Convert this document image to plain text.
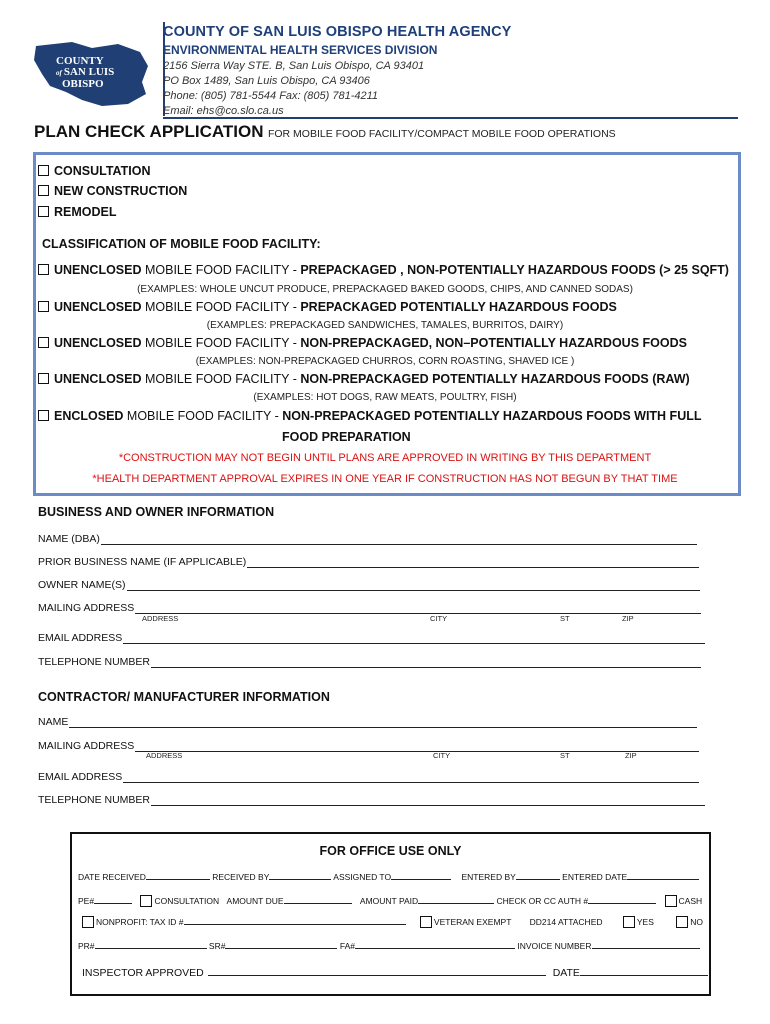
COUNTY
of SAN LUIS
OBISPO
COUNTY OF SAN LUIS OBISPO HEALTH AGENCY
ENVIRONMENTAL HEALTH SERVICES DIVISION
2156 Sierra Way STE. B, San Luis Obispo, CA 93401
PO Box 1489, San Luis Obispo, CA 93406
Phone: (805) 781-5544 Fax: (805) 781-4211
Email: ehs@co.slo.ca.us
PLAN CHECK APPLICATION FOR MOBILE FOOD FACILITY/COMPACT MOBILE FOOD OPERATIONS
CONSULTATION
NEW CONSTRUCTION
REMODEL
CLASSIFICATION OF MOBILE FOOD FACILITY:
UNENCLOSED MOBILE FOOD FACILITY - PREPACKAGED , NON-POTENTIALLY HAZARDOUS FOODS (> 25 SQFT)
(EXAMPLES: WHOLE UNCUT PRODUCE, PREPACKAGED BAKED GOODS, CHIPS, AND CANNED SODAS)
UNENCLOSED MOBILE FOOD FACILITY - PREPACKAGED POTENTIALLY HAZARDOUS FOODS
(EXAMPLES: PREPACKAGED SANDWICHES, TAMALES, BURRITOS, DAIRY)
UNENCLOSED MOBILE FOOD FACILITY - NON-PREPACKAGED, NON–POTENTIALLY HAZARDOUS FOODS
(EXAMPLES: NON-PREPACKAGED CHURROS, CORN ROASTING, SHAVED ICE )
UNENCLOSED MOBILE FOOD FACILITY - NON-PREPACKAGED POTENTIALLY HAZARDOUS FOODS (RAW)
(EXAMPLES: HOT DOGS, RAW MEATS, POULTRY, FISH)
ENCLOSED MOBILE FOOD FACILITY - NON-PREPACKAGED POTENTIALLY HAZARDOUS FOODS WITH FULL
FOOD PREPARATION
*CONSTRUCTION MAY NOT BEGIN UNTIL PLANS ARE APPROVED IN WRITING BY THIS DEPARTMENT
*HEALTH DEPARTMENT APPROVAL EXPIRES IN ONE YEAR IF CONSTRUCTION HAS NOT BEGUN BY THAT TIME
BUSINESS AND OWNER INFORMATION
NAME (DBA)
PRIOR BUSINESS NAME (IF APPLICABLE)
OWNER NAME(S)
MAILING ADDRESS
ADDRESS	CITY	ST	ZIP
EMAIL ADDRESS
TELEPHONE NUMBER
CONTRACTOR/ MANUFACTURER INFORMATION
NAME
MAILING ADDRESS
ADDRESS	CITY	ST	ZIP
EMAIL ADDRESS
TELEPHONE NUMBER
FOR OFFICE USE ONLY
DATE RECEIVED	RECEIVED BY	ASSIGNED TO	ENTERED BY	ENTERED DATE
PE#	CONSULTATION AMOUNT DUE	AMOUNT PAID	CHECK OR CC AUTH #	CASH
NONPROFIT: TAX ID #	VETERAN EXEMPT DD214 ATTACHED	YES	NO
PR#	SR#	FA#	INVOICE NUMBER
INSPECTOR APPROVED	DATE
